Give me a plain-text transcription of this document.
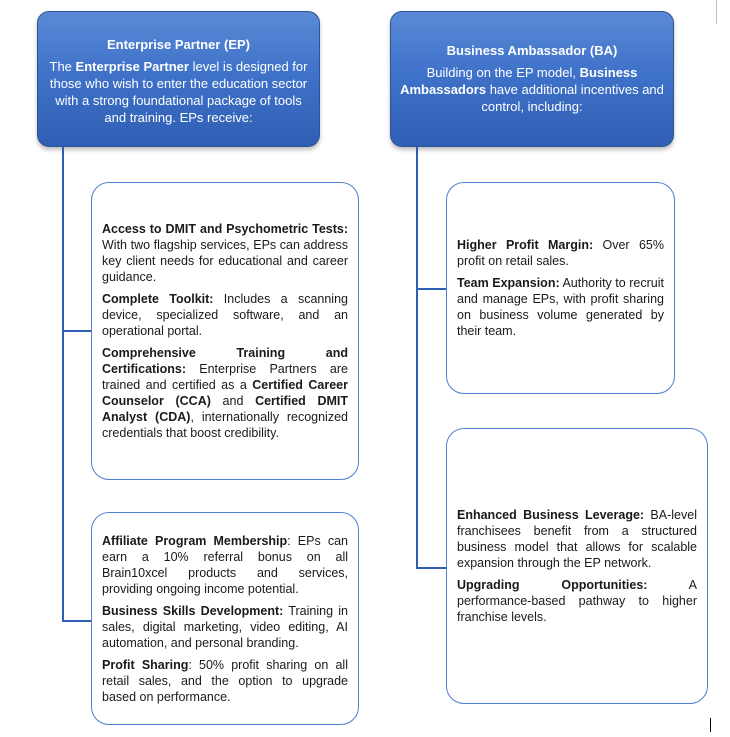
Enterprise Partner (EP)
The Enterprise Partner level is designed for those who wish to enter the education sector with a strong foundational package of tools and training. EPs receive:
Business Ambassador (BA)
Building on the EP model, Business Ambassadors have additional incentives and control, including:

Access to DMIT and Psychometric Tests: With two flagship services, EPs can address key client needs for educational and career guidance.

Complete Toolkit: Includes a scanning device, specialized software, and an operational portal.

Comprehensive Training and Certifications: Enterprise Partners are trained and certified as a Certified Career Counselor (CCA) and Certified DMIT Analyst (CDA), internationally recognized credentials that boost credibility.

Affiliate Program Membership: EPs can earn a 10% referral bonus on all Brain10xcel products and services, providing ongoing income potential.

Business Skills Development: Training in sales, digital marketing, video editing, AI automation, and personal branding.

Profit Sharing: 50% profit sharing on all retail sales, and the option to upgrade based on performance.

Higher Profit Margin: Over 65% profit on retail sales.

Team Expansion: Authority to recruit and manage EPs, with profit sharing on business volume generated by their team.

Enhanced Business Leverage: BA-level franchisees benefit from a structured business model that allows for scalable expansion through the EP network.

Upgrading Opportunities: A performance-based pathway to higher franchise levels.
